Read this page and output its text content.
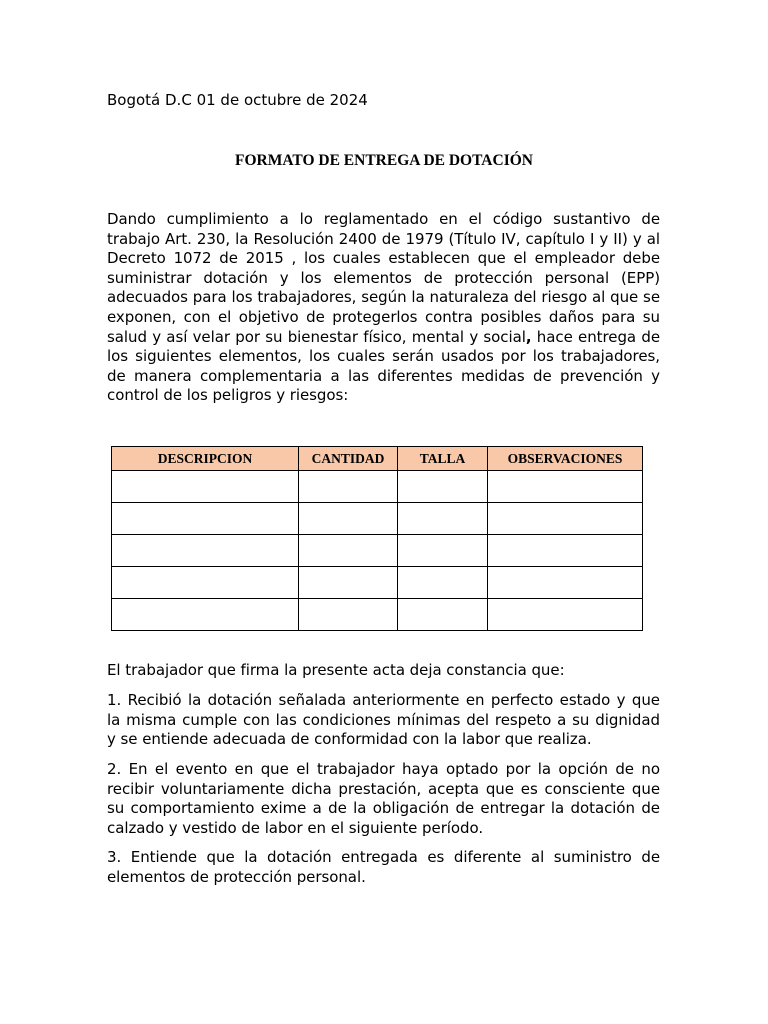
Bogotá D.C 01 de octubre de 2024

FORMATO DE ENTREGA DE DOTACIÓN

Dando cumplimiento a lo reglamentado en el código sustantivo de trabajo Art. 230, la Resolución 2400 de 1979 (Título IV, capítulo I y II) y al Decreto 1072 de 2015 , los cuales establecen que el empleador debe suministrar dotación y los elementos de protección personal (EPP) adecuados para los trabajadores, según la naturaleza del riesgo al que se exponen, con el objetivo de protegerlos contra posibles daños para su salud y así velar por su bienestar físico, mental y social, hace entrega de los siguientes elementos, los cuales serán usados por los trabajadores, de manera complementaria a las diferentes medidas de prevención y control de los peligros y riesgos:

DESCRIPCION	CANTIDAD	TALLA	OBSERVACIONES

El trabajador que firma la presente acta deja constancia que:

1. Recibió la dotación señalada anteriormente en perfecto estado y que la misma cumple con las condiciones mínimas del respeto a su dignidad y se entiende adecuada de conformidad con la labor que realiza.

2. En el evento en que el trabajador haya optado por la opción de no recibir voluntariamente dicha prestación, acepta que es consciente que su comportamiento exime a de la obligación de entregar la dotación de calzado y vestido de labor en el siguiente período.

3. Entiende que la dotación entregada es diferente al suministro de elementos de protección personal.
